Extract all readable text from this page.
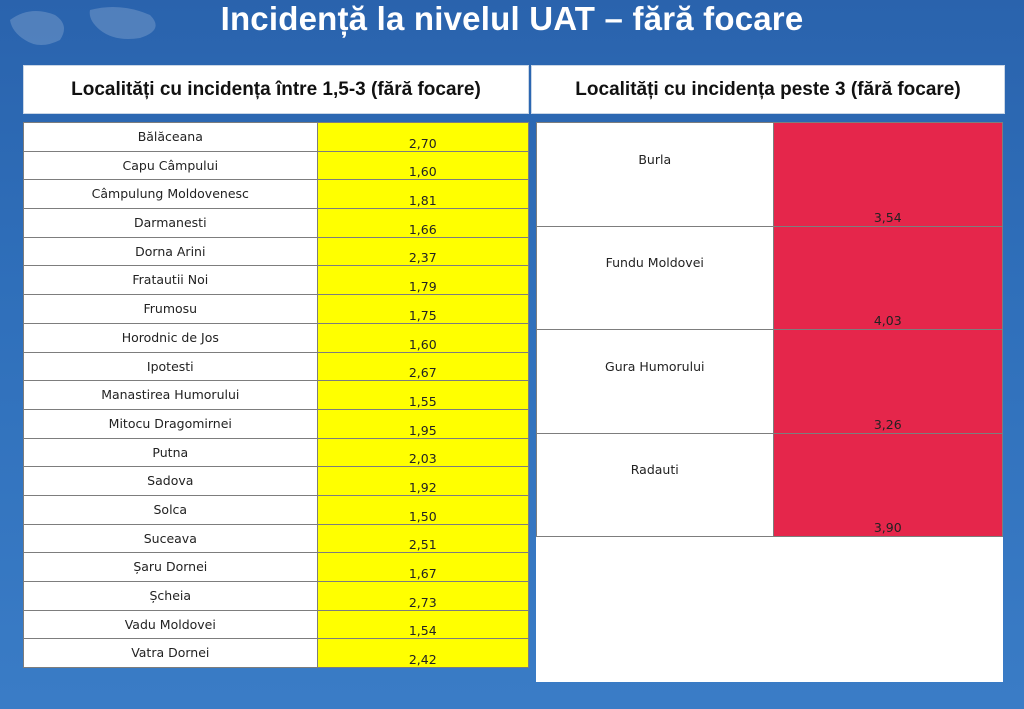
Incidență la nivelul UAT – fără focare
Localități cu incidența între 1,5-3 (fără focare)	Localități cu incidența peste 3 (fără focare)
Bălăceana	2,70
Capu Câmpului	1,60
Câmpulung Moldovenesc	1,81
Darmanesti	1,66
Dorna Arini	2,37
Fratautii Noi	1,79
Frumosu	1,75
Horodnic de Jos	1,60
Ipotesti	2,67
Manastirea Humorului	1,55
Mitocu Dragomirnei	1,95
Putna	2,03
Sadova	1,92
Solca	1,50
Suceava	2,51
Șaru Dornei	1,67
Șcheia	2,73
Vadu Moldovei	1,54
Vatra Dornei	2,42
Burla	3,54
Fundu Moldovei	4,03
Gura Humorului	3,26
Radauti	3,90
